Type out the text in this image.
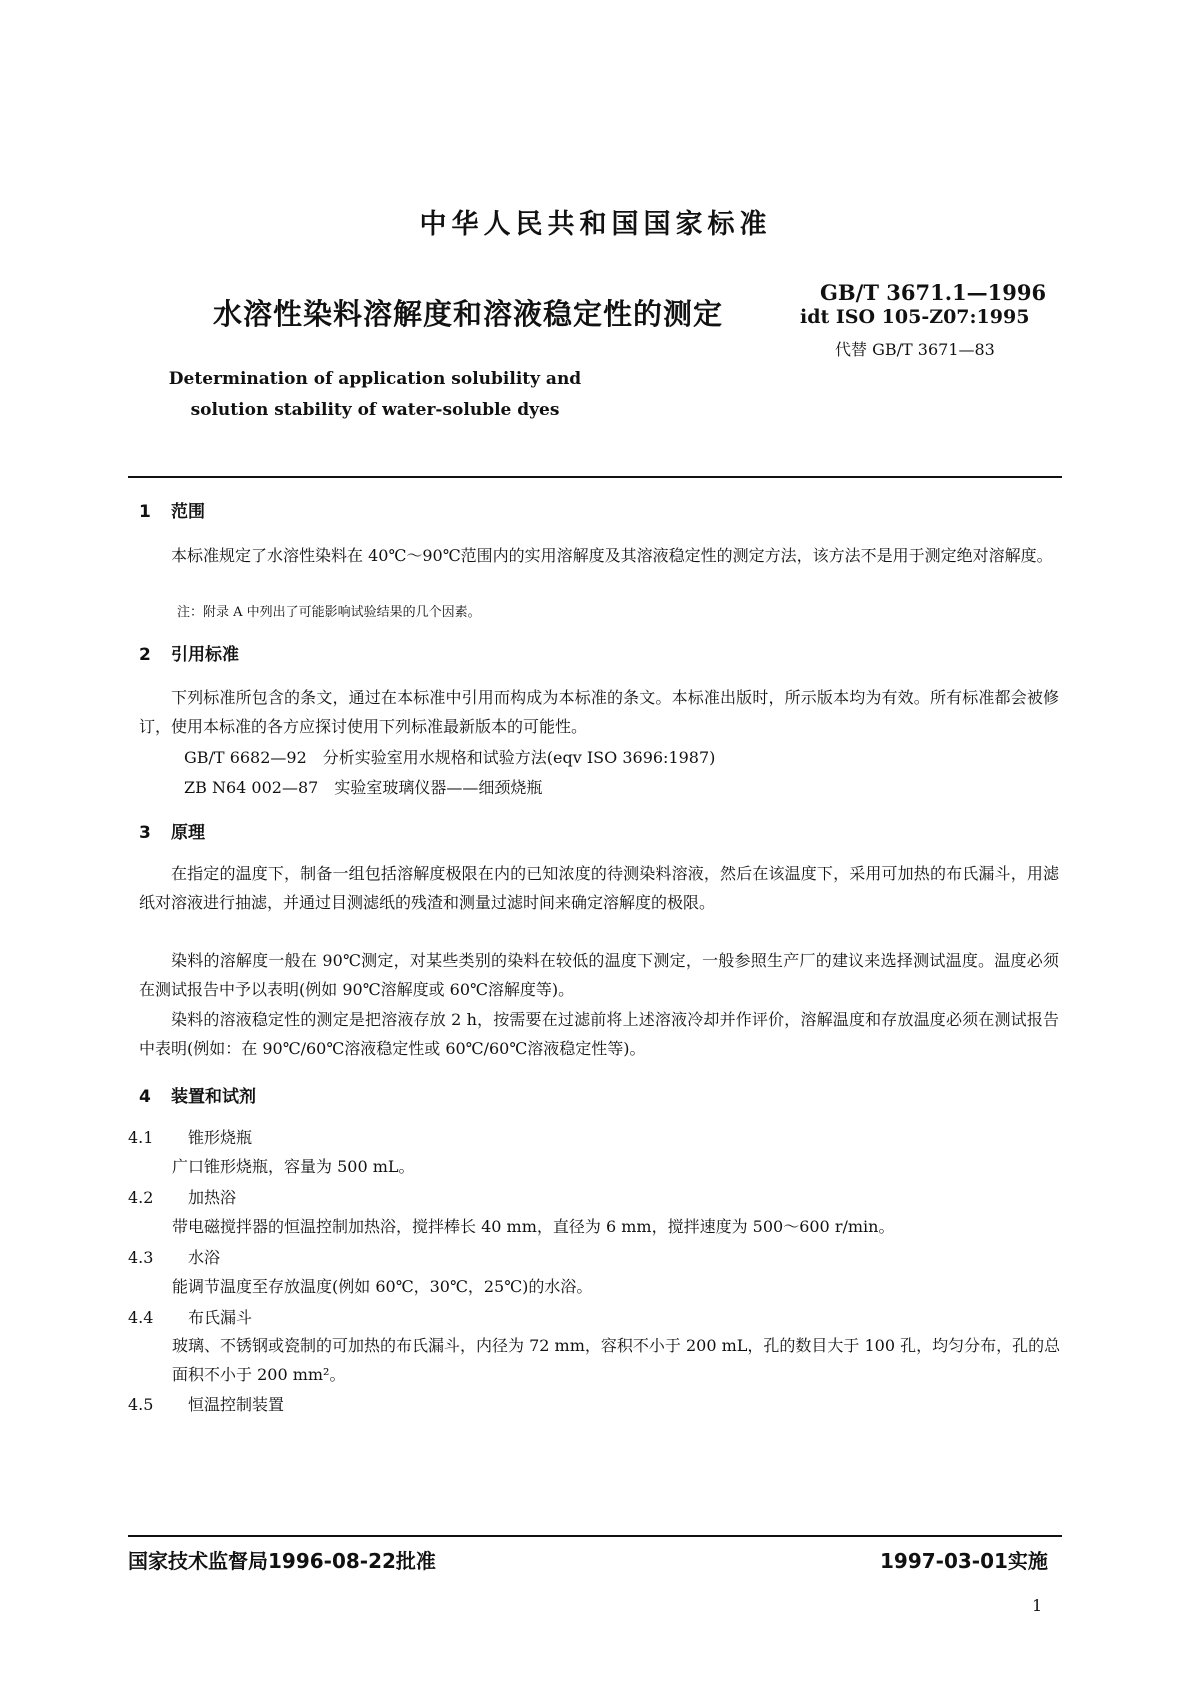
中华人民共和国国家标准
水溶性染料溶解度和溶液稳定性的测定
GB/T 3671.1—1996
idt ISO 105-Z07:1995
代替 GB/T 3671—83
Determination of application solubility and
solution stability of water-soluble dyes
1 范围
本标准规定了水溶性染料在 40℃～90℃范围内的实用溶解度及其溶液稳定性的测定方法，该方法不是用于测定绝对溶解度。
注：附录 A 中列出了可能影响试验结果的几个因素。
2 引用标准
下列标准所包含的条文，通过在本标准中引用而构成为本标准的条文。本标准出版时，所示版本均为有效。所有标准都会被修订，使用本标准的各方应探讨使用下列标准最新版本的可能性。
GB/T 6682—92 分析实验室用水规格和试验方法(eqv ISO 3696:1987)
ZB N64 002—87 实验室玻璃仪器——细颈烧瓶
3 原理
在指定的温度下，制备一组包括溶解度极限在内的已知浓度的待测染料溶液，然后在该温度下，采用可加热的布氏漏斗，用滤纸对溶液进行抽滤，并通过目测滤纸的残渣和测量过滤时间来确定溶解度的极限。
染料的溶解度一般在 90℃测定，对某些类别的染料在较低的温度下测定，一般参照生产厂的建议来选择测试温度。温度必须在测试报告中予以表明(例如 90℃溶解度或 60℃溶解度等)。
染料的溶液稳定性的测定是把溶液存放 2 h，按需要在过滤前将上述溶液冷却并作评价，溶解温度和存放温度必须在测试报告中表明(例如：在 90℃/60℃溶液稳定性或 60℃/60℃溶液稳定性等)。
4 装置和试剂
4.1 锥形烧瓶
广口锥形烧瓶，容量为 500 mL。
4.2 加热浴
带电磁搅拌器的恒温控制加热浴，搅拌棒长 40 mm，直径为 6 mm，搅拌速度为 500～600 r/min。
4.3 水浴
能调节温度至存放温度(例如 60℃，30℃，25℃)的水浴。
4.4 布氏漏斗
玻璃、不锈钢或瓷制的可加热的布氏漏斗，内径为 72 mm，容积不小于 200 mL，孔的数目大于 100 孔，均匀分布，孔的总面积不小于 200 mm²。
4.5 恒温控制装置
国家技术监督局1996-08-22批准	1997-03-01实施
1
